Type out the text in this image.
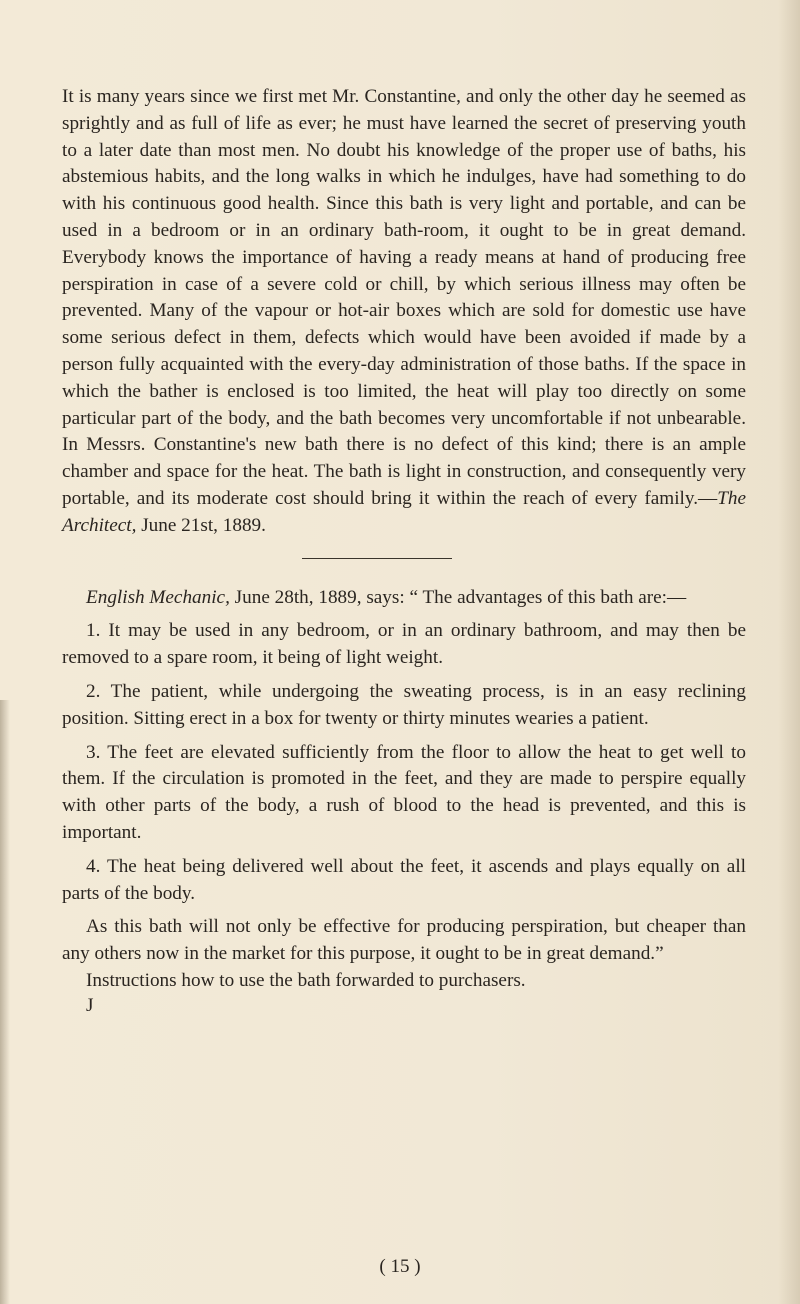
It is many years since we first met Mr. Constantine, and only the other day he seemed as sprightly and as full of life as ever; he must have learned the secret of preserving youth to a later date than most men. No doubt his knowledge of the proper use of baths, his abstemious habits, and the long walks in which he indulges, have had something to do with his continuous good health. Since this bath is very light and portable, and can be used in a bedroom or in an ordinary bath-room, it ought to be in great demand. Everybody knows the importance of having a ready means at hand of producing free perspiration in case of a severe cold or chill, by which serious illness may often be prevented. Many of the vapour or hot-air boxes which are sold for domestic use have some serious defect in them, defects which would have been avoided if made by a person fully acquainted with the every-day administration of those baths. If the space in which the bather is enclosed is too limited, the heat will play too directly on some particular part of the body, and the bath becomes very uncomfortable if not unbearable. In Messrs. Constantine's new bath there is no defect of this kind; there is an ample chamber and space for the heat. The bath is light in construction, and consequently very portable, and its moderate cost should bring it within the reach of every family.—The Architect, June 21st, 1889.

English Mechanic, June 28th, 1889, says: “ The advantages of this bath are:—

1. It may be used in any bedroom, or in an ordinary bathroom, and may then be removed to a spare room, it being of light weight.

2. The patient, while undergoing the sweating process, is in an easy reclining position. Sitting erect in a box for twenty or thirty minutes wearies a patient.

3. The feet are elevated sufficiently from the floor to allow the heat to get well to them. If the circulation is promoted in the feet, and they are made to perspire equally with other parts of the body, a rush of blood to the head is prevented, and this is important.

4. The heat being delivered well about the feet, it ascends and plays equally on all parts of the body.

As this bath will not only be effective for producing perspiration, but cheaper than any others now in the market for this purpose, it ought to be in great demand.”

Instructions how to use the bath forwarded to purchasers.

J

( 15 )
